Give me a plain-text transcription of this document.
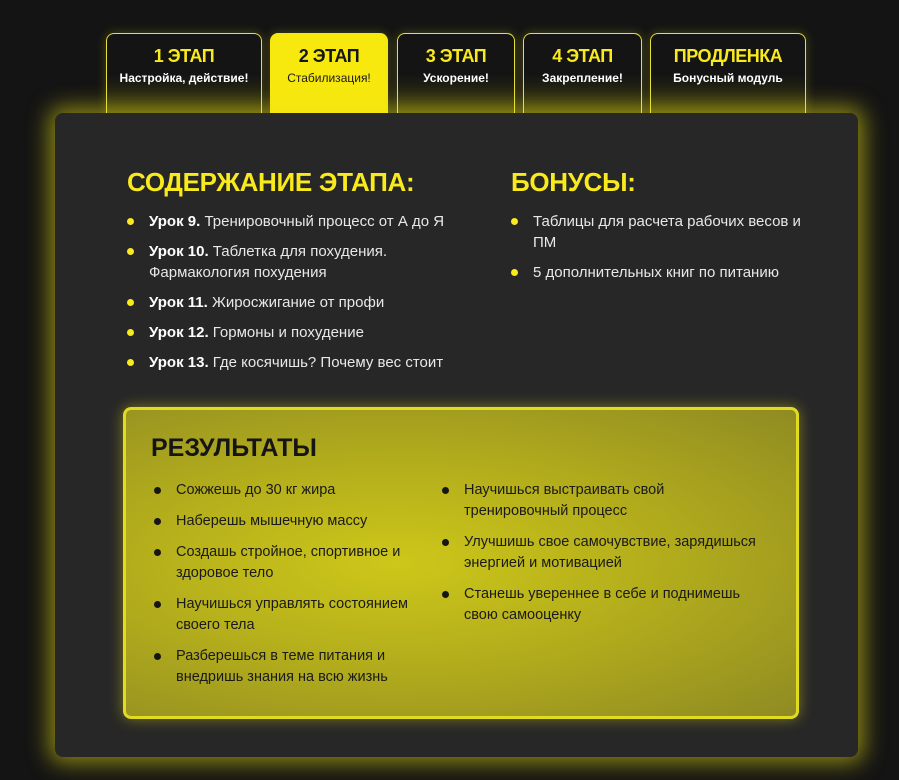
1 ЭТАП
Настройка, действие!
2 ЭТАП
Стабилизация!
3 ЭТАП
Ускорение!
4 ЭТАП
Закрепление!
ПРОДЛЕНКА
Бонусный модуль
СОДЕРЖАНИЕ ЭТАПА:
Урок 9. Тренировочный процесс от А до Я
Урок 10. Таблетка для похудения. Фармакология похудения
Урок 11. Жиросжигание от профи
Урок 12. Гормоны и похудение
Урок 13. Где косячишь? Почему вес стоит
БОНУСЫ:
Таблицы для расчета рабочих весов и ПМ
5 дополнительных книг по питанию
РЕЗУЛЬТАТЫ
Сожжешь до 30 кг жира
Наберешь мышечную массу
Создашь стройное, спортивное и здоровое тело
Научишься управлять состоянием своего тела
Разберешься в теме питания и внедришь знания на всю жизнь
Научишься выстраивать свой тренировочный процесс
Улучшишь свое самочувствие, зарядишься энергией и мотивацией
Станешь увереннее в себе и поднимешь свою самооценку
